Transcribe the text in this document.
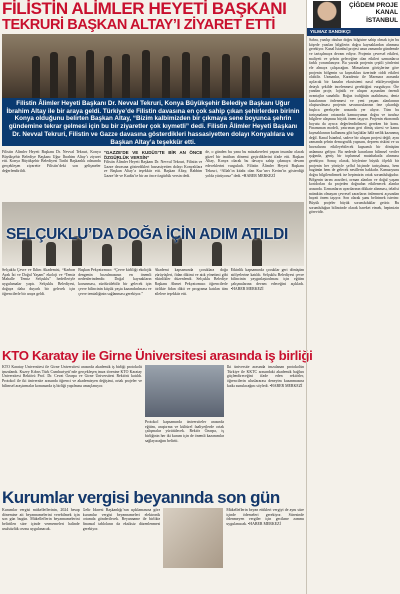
FİLİSTİN ALİMLER HEYETİ BAŞKANI
TEKRURİ BAŞKAN ALTAY’I ZİYARET ETTİ
Filistin Âlimler Heyeti Başkanı Dr. Nevval Tekruri, Konya Büyükşehir Belediye Başkanı Uğur İbrahim Altay ile bir araya geldi. Türkiye’de Filistin davasına en çok sahip çıkan şehirlerden birinin Konya olduğunu belirten Başkan Altay, “Bizim kalbimizden bir çıkmaya sene boyunca şehrin gündemine tekrar gelmesi için bu bir ziyaretler çok kıymetli” dedi. Filistin Âlimler Heyeti Başkanı Dr. Nevval Tekruri, Filistin ve Gazze davasına gösterdikleri hassasiyetten dolayı Konyalılara ve Başkan Altay’a teşekkür etti.
Filistin Âlimler Heyeti Başkanı Dr. Nevval Tekruri, Konya Büyükşehir Belediye Başkanı Uğur İbrahim Altay’ı ziyaret etti. Konya Büyükşehir Belediyesi Tarihi Başkanlık odasında gerçekleşen ziyarette Filistin’deki son gelişmeler değerlendirildi.
“GAZZE’DE VE KUDÜS’TE BİR AN ÖNCE ÖZGÜRLÜK VERSİN”
Filistin Âlimler Heyeti Başkanı Dr. Nevval Tekruri, Filistin ve Gazze davasına gösterdikleri hassasiyetten dolayı Konyalılara ve Başkan Altay’a teşekkür etti. Başkan Altay, Rabbim Gazze’de ve Kudüs’te bir an önce özgürlük versin dedi.
de, o günden bu yana bu müzakereleri yapan insanlar olarak güzel bir imtihan dönemi geçirdiklerini ifade etti. Başkan Altay, Konya olarak bu davaya sahip çıkmaya devam edeceklerini vurguladı. Filistin Âlimler Heyeti Başkanı Tekruri, “Allah’ın kitabı olan Kur’an-ı Kerim’in gösterdiği yolda yürüyoruz” dedi. •HABER MERKEZİ
SELÇUKLU’DA DOĞA İÇİN ADIM ATILDI
Selçuklu Çevre ve İklim Akademisi, “Karbon Ayak İzi ve Doğal Yaşam” ekoloji ve “Temiz Mahalle Temiz Selçuklu” hedefleriyle uygulamalar yaptı. Selçuklu Belediyesi, doğaya daha duyarlı bir gelecek için öğrencilerle bir araya geldi.
Başkan Pekyatırmacı: “Çevre kirliliği ekolojik dengenin bozulmasının en önemli nedenlerindendir. Doğal kaynakların korunması, sürdürülebilir bir gelecek için çevre bilincinin küçük yaşta kazandırılması ve çevre temizliğinin sağlanması gerekiyor.”
Akademi kapsamında çocuklara doğa yürüyüşleri, fidan dikimi ve atık yönetimi gibi etkinlikler düzenlendi. Selçuklu Belediye Başkanı Ahmet Pekyatırmacı öğrencilerle birlikte fidan dikti ve programa katılan tüm ailelere teşekkür etti.
Etkinlik kapsamında çocuklar geri dönüşüm atölyelerine katıldı. Selçuklu Belediyesi çevre bilincinin yaygınlaştırılması için eğitim çalışmalarına devam edeceğini açıkladı. •HABER MERKEZİ
KTO Karatay ile Girne Üniversitesi arasında iş birliği
KTO Karatay Üniversitesi ile Girne Üniversitesi arasında akademik iş birliği protokolü imzalandı. Kuzey Kıbrıs Türk Cumhuriyeti’nde gerçekleşen imza törenine KTO Karatay Üniversitesi Rektörü Prof. Dr. Cevat Özarpa ve Girne Üniversitesi Rektörü katıldı. Protokol ile iki üniversite arasında öğrenci ve akademisyen değişimi, ortak projeler ve bilimsel araştırmalar konusunda iş birliği yapılması amaçlanıyor.
Protokol kapsamında üniversiteler arasında eğitim, araştırma ve kültürel faaliyetlerde ortak çalışmalar yürütülecek. Rektör Özarpa, iş birliğinin her iki kurum için de önemli kazanımlar sağlayacağını belirtti.
İki üniversite arasında imzalanan protokolün Türkiye ile KKTC arasındaki akademik bağları güçlendireceğini ifade eden rektörler, öğrencilerin uluslararası deneyim kazanmasına katkı sunulacağını söyledi. •HABER MERKEZİ
Kurumlar vergisi beyanında son gün
Kurumlar vergisi mükelleflerinin, 2024 hesap dönemine ait beyannamelerini verebilmek için son gün bugün. Mükelleflerin beyannamelerini belirtilen süre içinde vermemeleri halinde usulsüzlük cezası uygulanacak.
Gelir İdaresi Başkanlığı’nın açıklamasına göre kurumlar vergisi beyannameleri elektronik ortamda gönderilecek. Beyanname ile birlikte finansal tabloların da eksiksiz düzenlenmesi gerekiyor.
Mükelleflerin beyan ettikleri vergiyi de aynı süre içinde ödemeleri gerekiyor. Süresinde ödenmeyen vergiler için gecikme zammı uygulanacak. •HABER MERKEZİ
ÇİĞDEM PROJE KANAL İSTANBUL
YILMAZ SANDIKÇI
Sahra, yazılıp okulun doğru bilgisine sahip olmak için bu köşede yazılan bilgilerin doğru kaynaklardan alınması gerekiyor. Kanal İstanbul projesi uzun zamandır gündemde ve tartışılmaya devam ediyor. Projenin çevresel etkileri, maliyeti ve şehrin geleceğine olan etkileri uzmanlarca farklı yorumlanıyor. Bu yazıda projenin çeşitli yönlerini ele almaya çalışacağım. Mimarların görüşlerine göre projenin bölgenin su kaynakları üzerinde ciddi etkileri olabilir. Uzmanlar, Karadeniz ile Marmara arasında açılacak bir kanalın ekosistemi nasıl etkileyeceğinin detaylı şekilde incelenmesi gerektiğini vurguluyor. Öte yandan proje, lojistik ve ulaşım açısından önemli avantajlar sunabilir. Boğaz trafiğinin azaltılması, deniz kazalarının önlenmesi ve yeni yaşam alanlarının oluşturulması projenin savunucularının öne çıkardığı başlıca gerekçeler arasında yer alıyor. Tüm bu tartışmaların ortasında kamuoyunun doğru ve tarafsız bilgilere ulaşması büyük önem taşıyor. Projenin ekonomik boyutu da ayrıca değerlendirilmesi gereken bir konu. Finansman modeli, yatırımın geri dönüş süresi ve kamu kaynaklarının kullanımı gibi başlıklar hâlâ netlik kazanmış değil. Kanal İstanbul, sadece bir ulaşım projesi değil; aynı zamanda şehrin demografik yapısını, deprem riskini ve su havzalarını etkileyebilecek kapsamlı bir dönüşüm anlamına geliyor. Bu nedenle kararların bilimsel veriler ışığında, geniş bir toplumsal mutabakatla alınması gerekiyor. Sonuç olarak, böylesine büyük ölçekli bir projenin her yönüyle şeffaf biçimde tartışılması, hem bugünün hem de gelecek nesillerin hakkıdır. Kamuoyunu doğru bilgilendirmek ise hepimizin ortak sorumluluğudur. Bölgenin tarım arazileri, orman alanları ve doğal yaşam koridorları da projeden doğrudan etkilenecek alanlar arasında. Uzmanların uyarılarının dikkate alınması, telafisi mümkün olmayan çevresel zararların önlenmesi açısından hayati önem taşıyor. Son olarak şunu belirtmek isterim: Büyük projeler büyük sorumluluklar getirir. Bu sorumluluğun bilincinde olarak hareket etmek, hepimizin görevidir.
